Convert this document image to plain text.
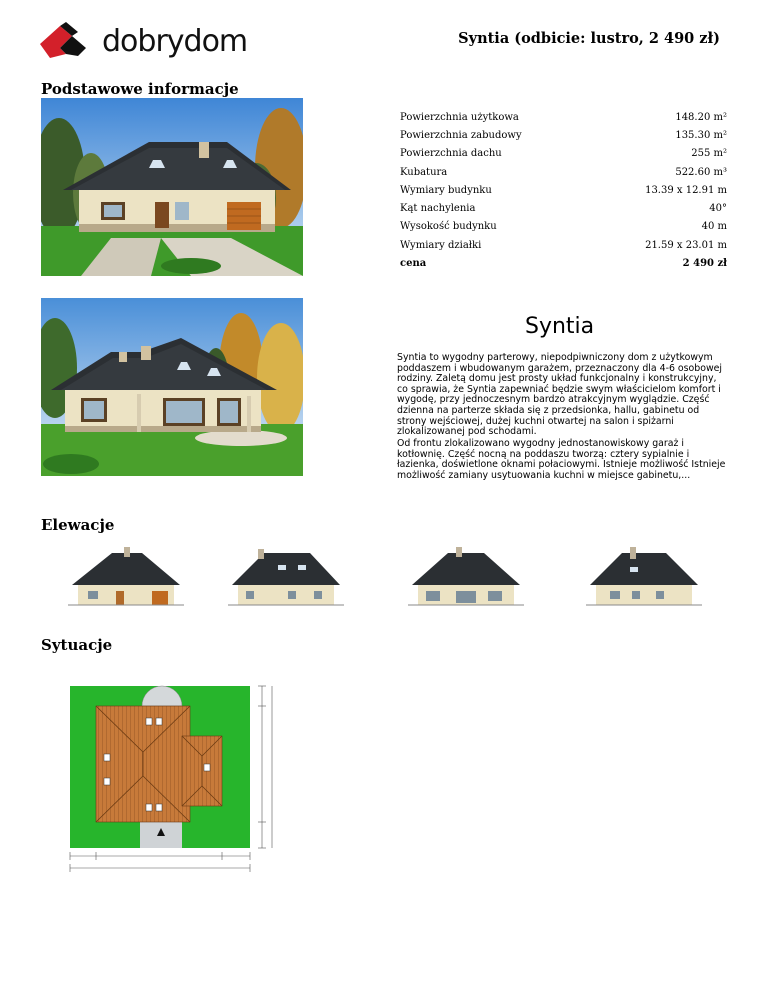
dobrydom	Syntia (odbicie: lustro, 2 490 zł)
Podstawowe informacje
Powierzchnia użytkowa	148.20 m²
Powierzchnia zabudowy	135.30 m²
Powierzchnia dachu	255 m²
Kubatura	522.60 m³
Wymiary budynku	13.39 x 12.91 m
Kąt nachylenia	40°
Wysokość budynku	40 m
Wymiary działki	21.59 x 23.01 m
cena	2 490 zł
Syntia
Syntia to wygodny parterowy, niepodpiwniczony dom z użytkowym poddaszem i wbudowanym garażem, przeznaczony dla 4-6 osobowej rodziny. Zaletą domu jest prosty układ funkcjonalny i konstrukcyjny, co sprawia, że Syntia zapewniać będzie swym właścicielom komfort i wygodę, przy jednoczesnym bardzo atrakcyjnym wyglądzie. Część dzienna na parterze składa się z przedsionka, hallu, gabinetu od strony wejściowej, dużej kuchni otwartej na salon i spiżarni zlokalizowanej pod schodami.
Od frontu zlokalizowano wygodny jednostanowiskowy garaż i kotłownię. Część nocną na poddaszu tworzą: cztery sypialnie i łazienka, doświetlone oknami połaciowymi. Istnieje możliwość Istnieje możliwość zamiany usytuowania kuchni w miejsce gabinetu,...
Elewacje
Sytuacje
